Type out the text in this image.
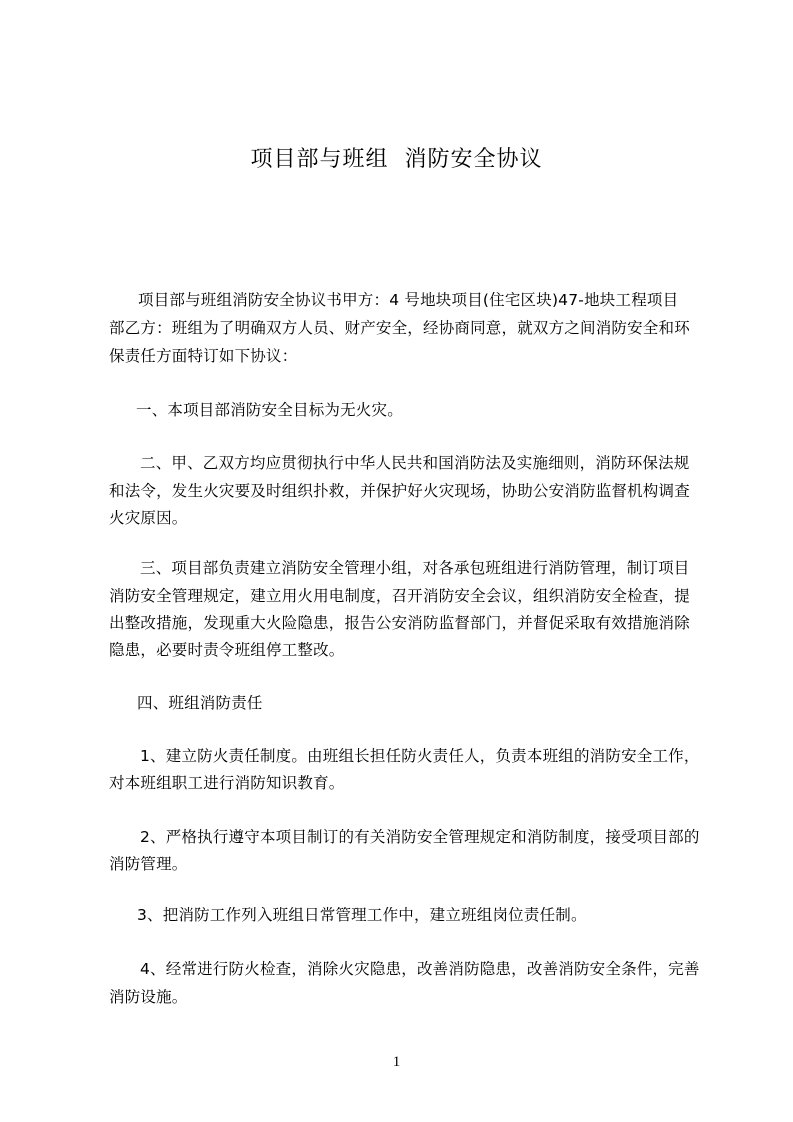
项目部与班组  消防安全协议
项目部与班组消防安全协议书甲方：4 号地块项目(住宅区块)47-地块工程项目
部乙方：班组为了明确双方人员、财产安全，经协商同意，就双方之间消防安全和环
保责任方面特订如下协议：
一、本项目部消防安全目标为无火灾。
二、甲、乙双方均应贯彻执行中华人民共和国消防法及实施细则，消防环保法规
和法令，发生火灾要及时组织扑救，并保护好火灾现场，协助公安消防监督机构调查
火灾原因。
三、项目部负责建立消防安全管理小组，对各承包班组进行消防管理，制订项目
消防安全管理规定，建立用火用电制度，召开消防安全会议，组织消防安全检查，提
出整改措施，发现重大火险隐患，报告公安消防监督部门，并督促采取有效措施消除
隐患，必要时责令班组停工整改。
四、班组消防责任
1、建立防火责任制度。由班组长担任防火责任人，负责本班组的消防安全工作，
对本班组职工进行消防知识教育。
2、严格执行遵守本项目制订的有关消防安全管理规定和消防制度，接受项目部的
消防管理。
3、把消防工作列入班组日常管理工作中，建立班组岗位责任制。
4、经常进行防火检查，消除火灾隐患，改善消防隐患，改善消防安全条件，完善
消防设施。
1
